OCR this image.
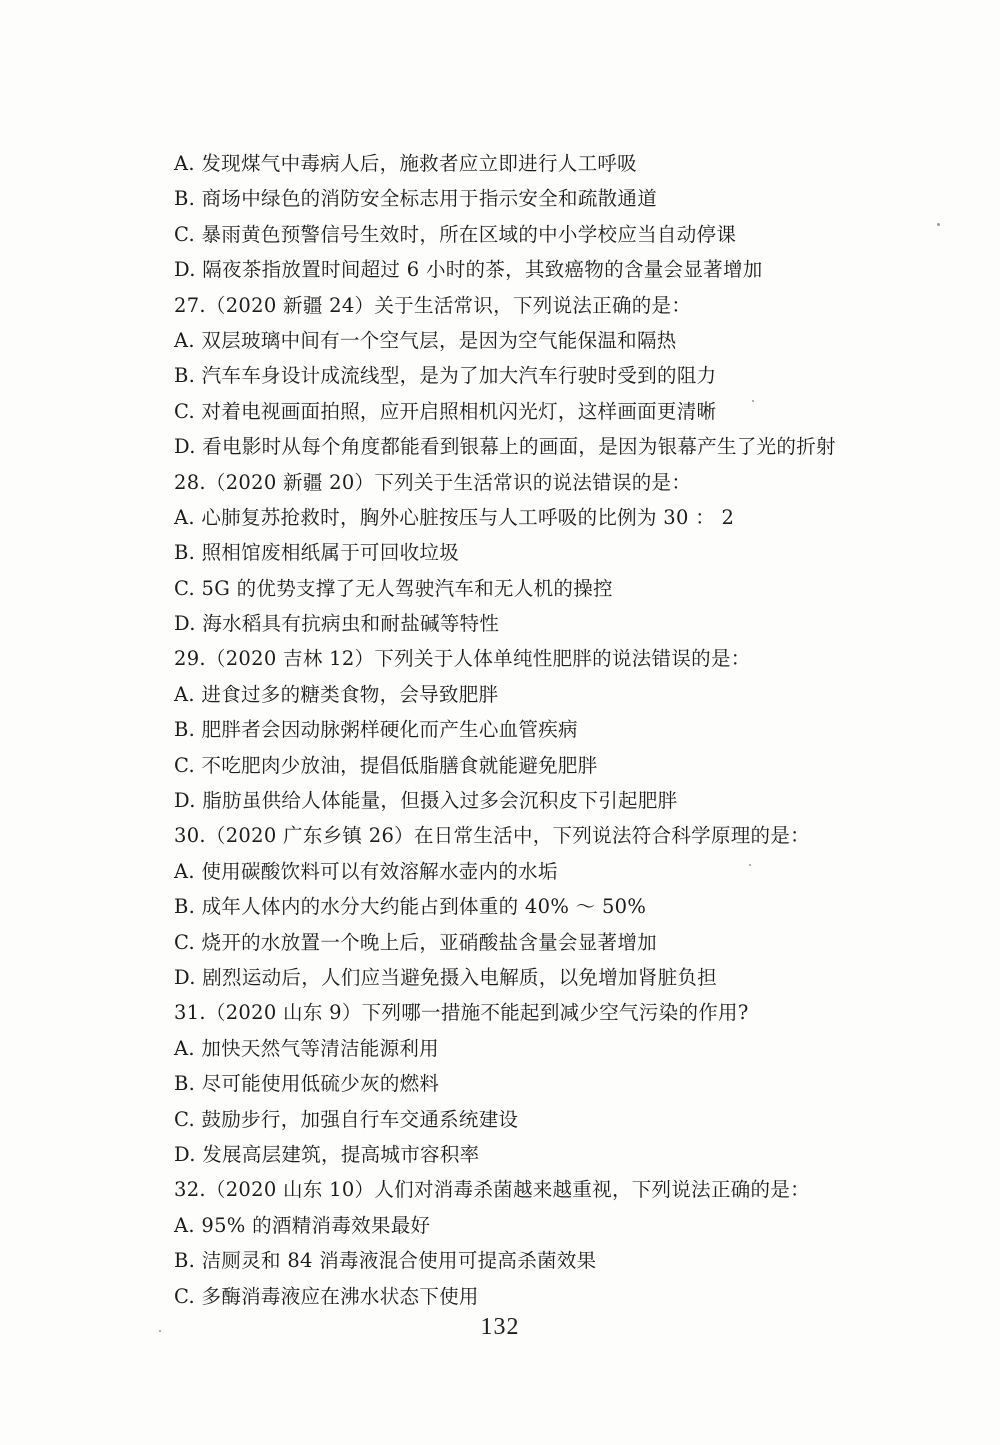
A. 发现煤气中毒病人后，施救者应立即进行人工呼吸
B. 商场中绿色的消防安全标志用于指示安全和疏散通道
C. 暴雨黄色预警信号生效时，所在区域的中小学校应当自动停课
D. 隔夜茶指放置时间超过 6 小时的茶，其致癌物的含量会显著增加
27.（2020 新疆 24）关于生活常识，下列说法正确的是：
A. 双层玻璃中间有一个空气层，是因为空气能保温和隔热
B. 汽车车身设计成流线型，是为了加大汽车行驶时受到的阻力
C. 对着电视画面拍照，应开启照相机闪光灯，这样画面更清晰
D. 看电影时从每个角度都能看到银幕上的画面，是因为银幕产生了光的折射
28.（2020 新疆 20）下列关于生活常识的说法错误的是：
A. 心肺复苏抢救时，胸外心脏按压与人工呼吸的比例为 30 ： 2
B. 照相馆废相纸属于可回收垃圾
C. 5G 的优势支撑了无人驾驶汽车和无人机的操控
D. 海水稻具有抗病虫和耐盐碱等特性
29.（2020 吉林 12）下列关于人体单纯性肥胖的说法错误的是：
A. 进食过多的糖类食物，会导致肥胖
B. 肥胖者会因动脉粥样硬化而产生心血管疾病
C. 不吃肥肉少放油，提倡低脂膳食就能避免肥胖
D. 脂肪虽供给人体能量，但摄入过多会沉积皮下引起肥胖
30.（2020 广东乡镇 26）在日常生活中，下列说法符合科学原理的是：
A. 使用碳酸饮料可以有效溶解水壶内的水垢
B. 成年人体内的水分大约能占到体重的 40% ～ 50%
C. 烧开的水放置一个晚上后，亚硝酸盐含量会显著增加
D. 剧烈运动后，人们应当避免摄入电解质，以免增加肾脏负担
31.（2020 山东 9）下列哪一措施不能起到减少空气污染的作用?
A. 加快天然气等清洁能源利用
B. 尽可能使用低硫少灰的燃料
C. 鼓励步行，加强自行车交通系统建设
D. 发展高层建筑，提高城市容积率
32.（2020 山东 10）人们对消毒杀菌越来越重视，下列说法正确的是：
A. 95% 的酒精消毒效果最好
B. 洁厕灵和 84 消毒液混合使用可提高杀菌效果
C. 多酶消毒液应在沸水状态下使用
132
